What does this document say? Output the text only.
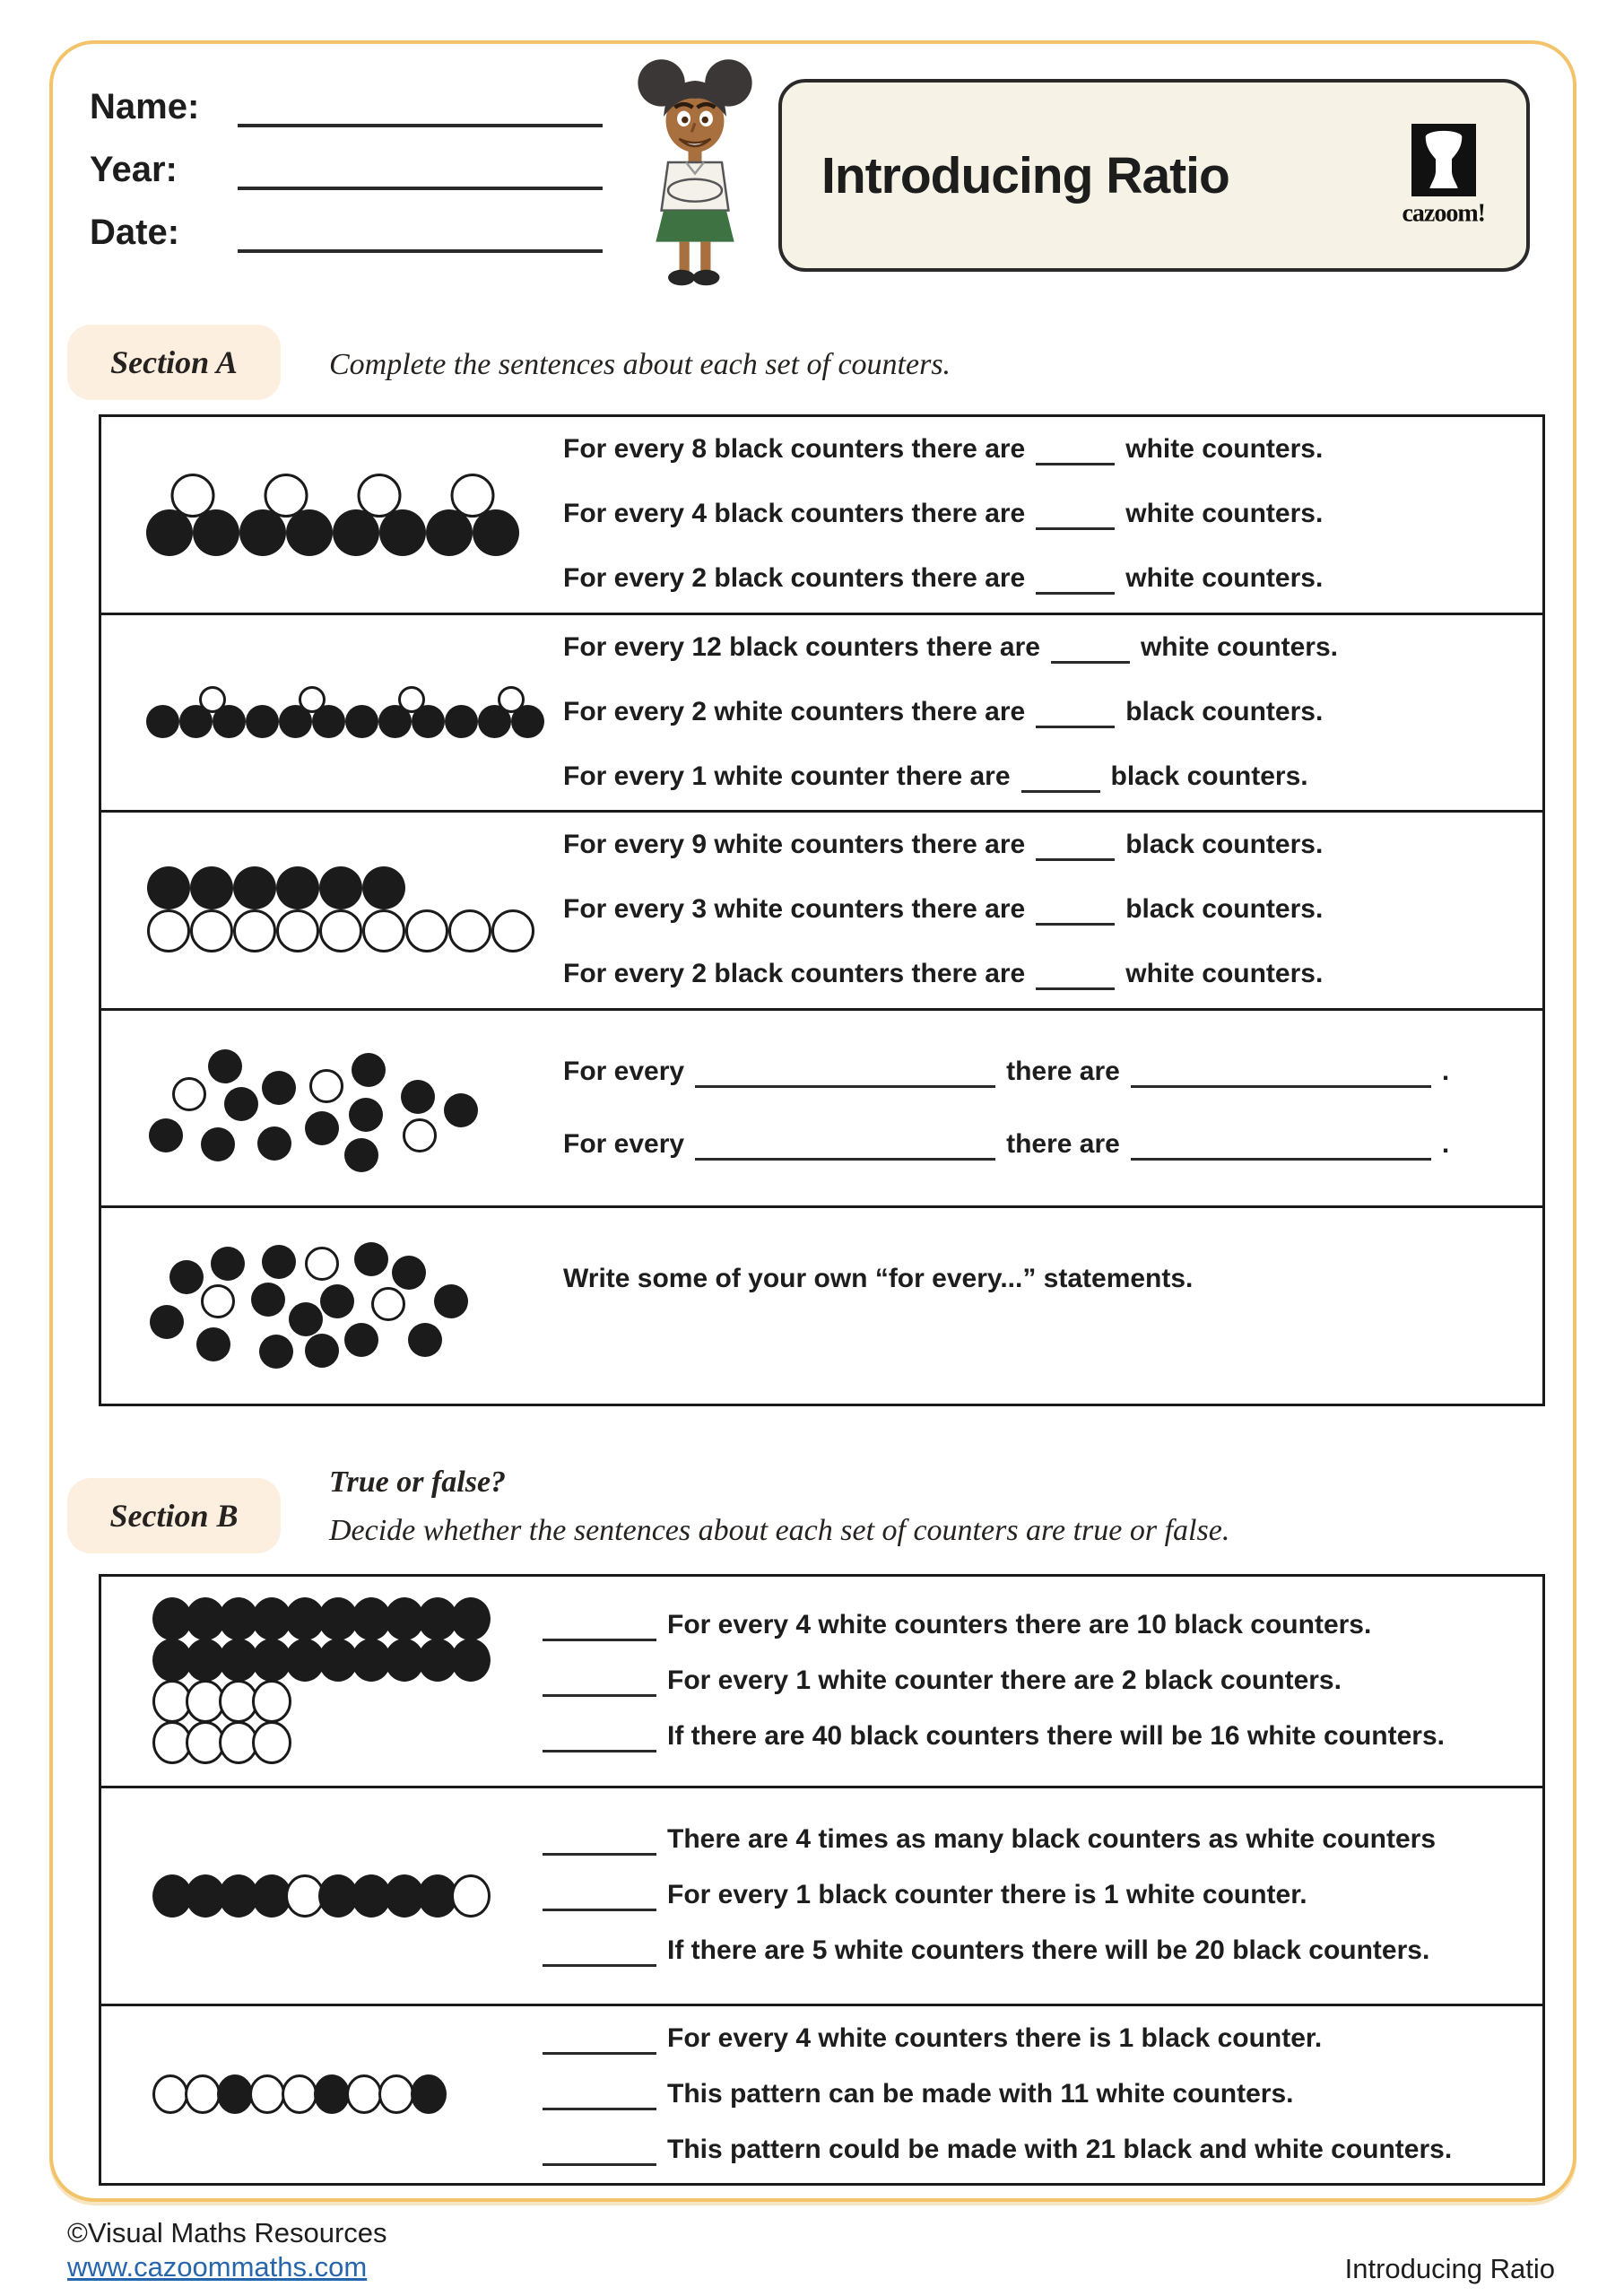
Name:
Year:
Date:
Introducing Ratio
cazoom!
Section A	Complete the sentences about each set of counters.
For every 8 black counters there are	white counters.
For every 4 black counters there are	white counters.
For every 2 black counters there are	white counters.
For every 12 black counters there are	white counters.
For every 2 white counters there are	black counters.
For every 1 white counter there are	black counters.
For every 9 white counters there are	black counters.
For every 3 white counters there are	black counters.
For every 2 black counters there are	white counters.
For every	there are	.
For every	there are	.
Write some of your own “for every...” statements.
Section B
True or false?
Decide whether the sentences about each set of counters are true or false.
For every 4 white counters there are 10 black counters.
For every 1 white counter there are 2 black counters.
If there are 40 black counters there will be 16 white counters.
There are 4 times as many black counters as white counters
For every 1 black counter there is 1 white counter.
If there are 5 white counters there will be 20 black counters.
For every 4 white counters there is 1 black counter.
This pattern can be made with 11 white counters.
This pattern could be made with 21 black and white counters.
©Visual Maths Resources
www.cazoommaths.com	Introducing Ratio
